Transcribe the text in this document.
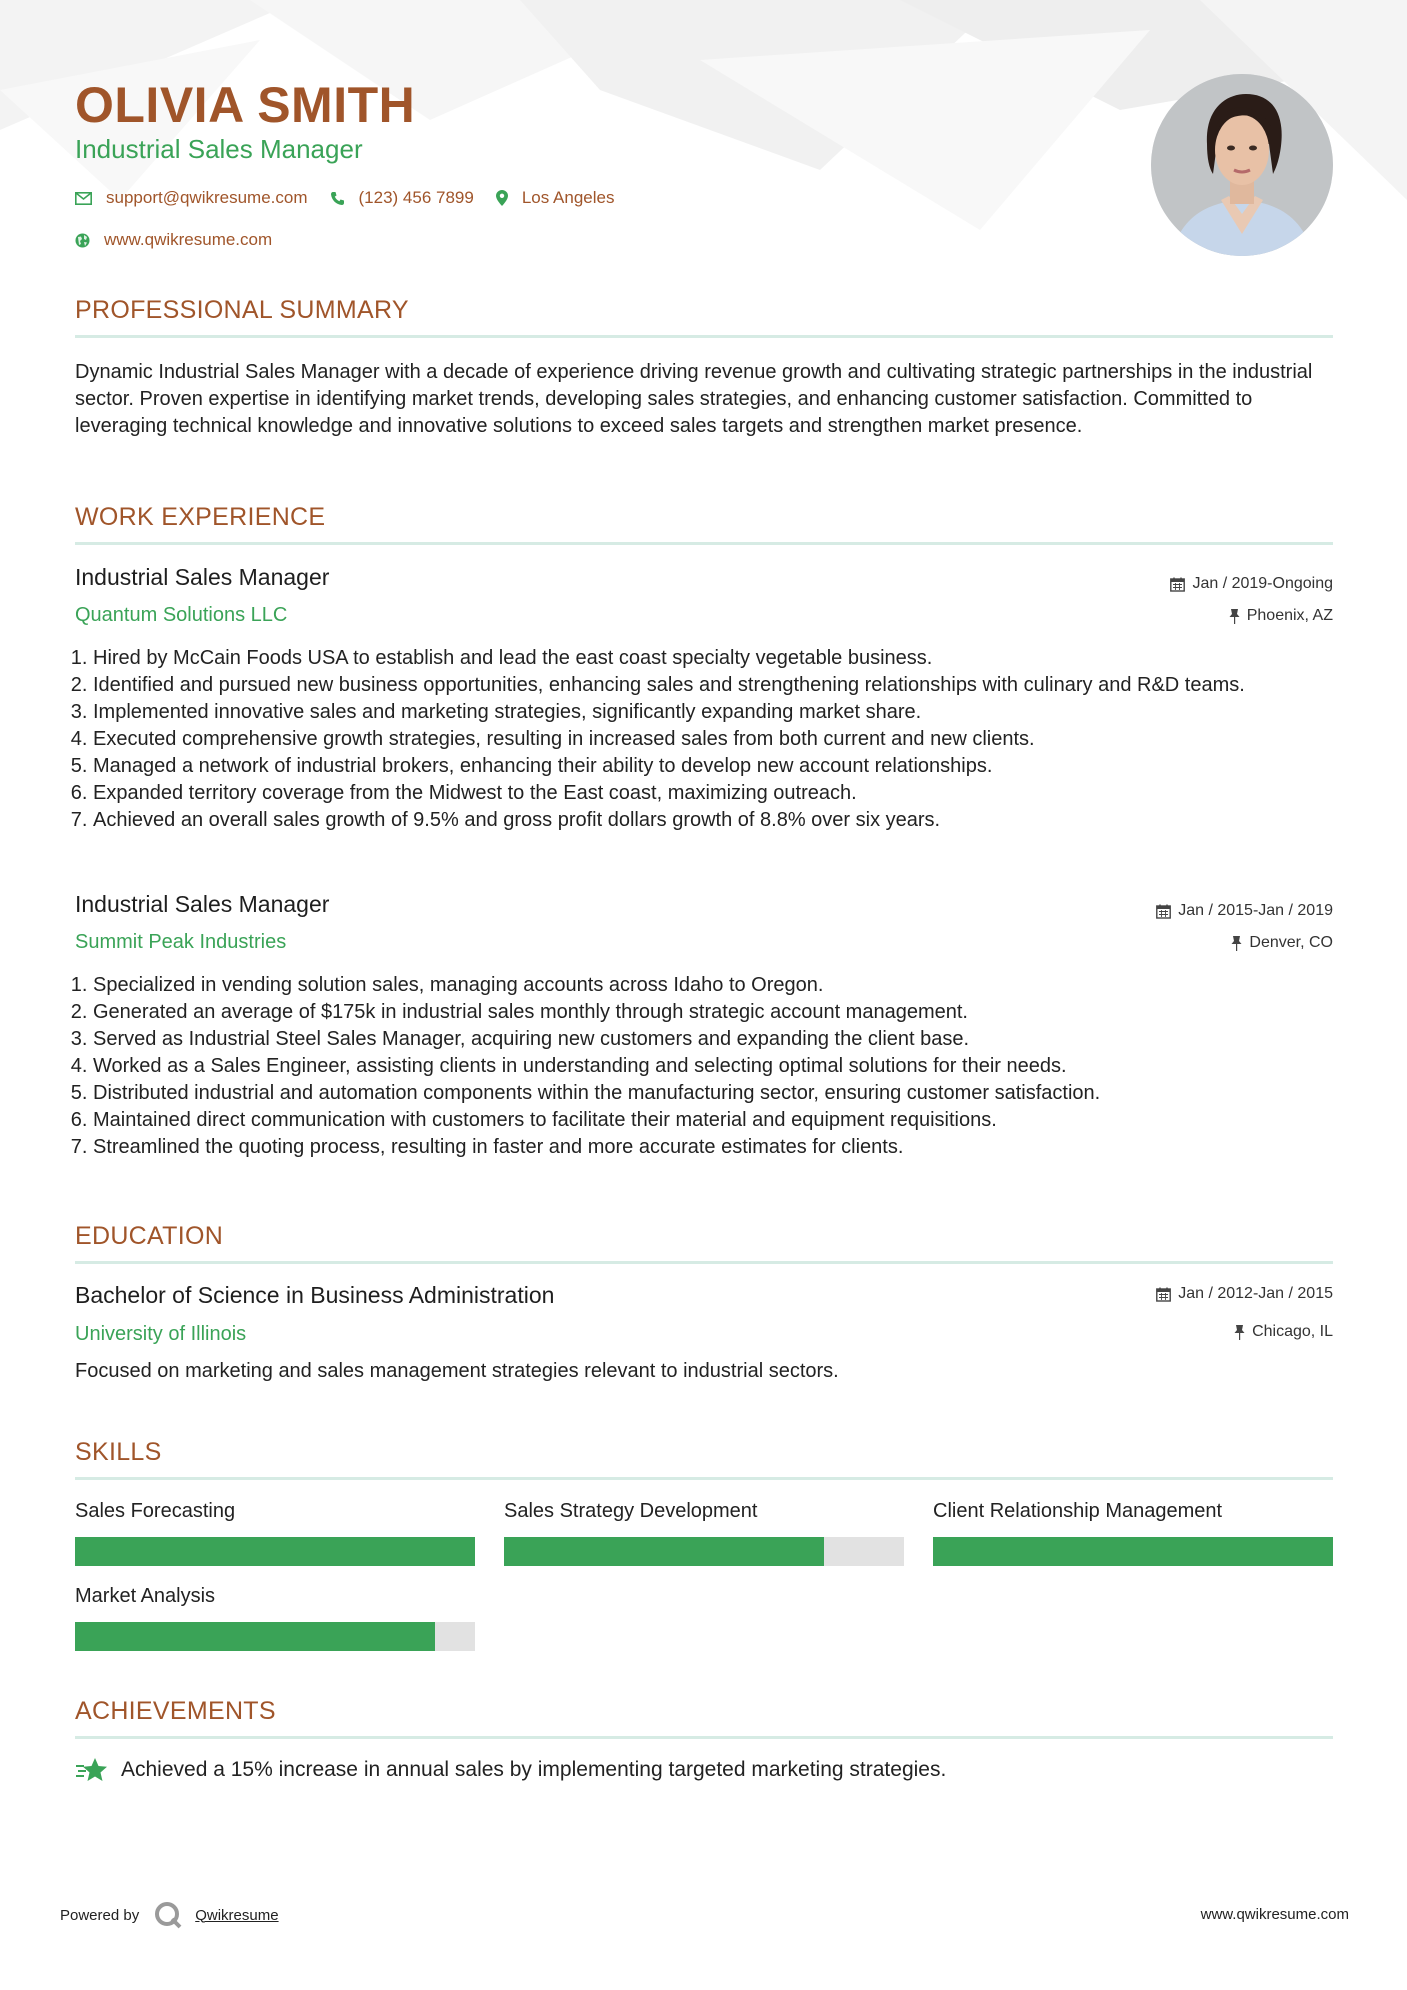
OLIVIA SMITH
Industrial Sales Manager
support@qwikresume.com	(123) 456 7899	Los Angeles
www.qwikresume.com
PROFESSIONAL SUMMARY

Dynamic Industrial Sales Manager with a decade of experience driving revenue growth and cultivating strategic partnerships in the industrial sector. Proven expertise in identifying market trends, developing sales strategies, and enhancing customer satisfaction. Committed to leveraging technical knowledge and innovative solutions to exceed sales targets and strengthen market presence.

WORK EXPERIENCE
Industrial Sales Manager	Jan / 2019-Ongoing
Quantum Solutions LLC	Phoenix, AZ
1. Hired by McCain Foods USA to establish and lead the east coast specialty vegetable business.
2. Identified and pursued new business opportunities, enhancing sales and strengthening relationships with culinary and R&D teams.
3. Implemented innovative sales and marketing strategies, significantly expanding market share.
4. Executed comprehensive growth strategies, resulting in increased sales from both current and new clients.
5. Managed a network of industrial brokers, enhancing their ability to develop new account relationships.
6. Expanded territory coverage from the Midwest to the East coast, maximizing outreach.
7. Achieved an overall sales growth of 9.5% and gross profit dollars growth of 8.8% over six years.
Industrial Sales Manager	Jan / 2015-Jan / 2019
Summit Peak Industries	Denver, CO
1. Specialized in vending solution sales, managing accounts across Idaho to Oregon.
2. Generated an average of $175k in industrial sales monthly through strategic account management.
3. Served as Industrial Steel Sales Manager, acquiring new customers and expanding the client base.
4. Worked as a Sales Engineer, assisting clients in understanding and selecting optimal solutions for their needs.
5. Distributed industrial and automation components within the manufacturing sector, ensuring customer satisfaction.
6. Maintained direct communication with customers to facilitate their material and equipment requisitions.
7. Streamlined the quoting process, resulting in faster and more accurate estimates for clients.
EDUCATION
Bachelor of Science in Business Administration	Jan / 2012-Jan / 2015
University of Illinois	Chicago, IL

Focused on marketing and sales management strategies relevant to industrial sectors.

SKILLS
Sales Forecasting	Sales Strategy Development	Client Relationship Management
Market Analysis
ACHIEVEMENTS
Achieved a 15% increase in annual sales by implementing targeted marketing strategies.
Powered by	Qwikresume	www.qwikresume.com
